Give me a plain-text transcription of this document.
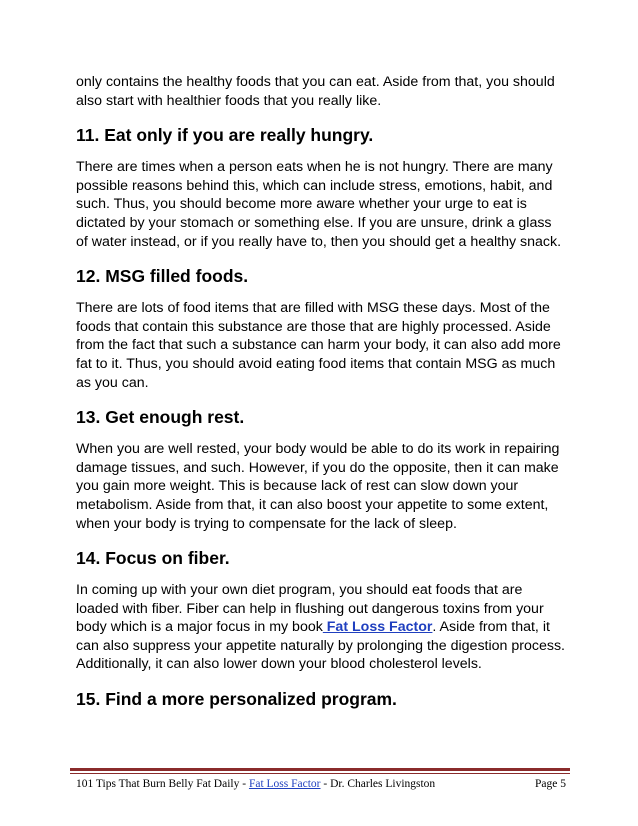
only contains the healthy foods that you can eat. Aside from that, you should also start with healthier foods that you really like.

11. Eat only if you are really hungry.

There are times when a person eats when he is not hungry. There are many possible reasons behind this, which can include stress, emotions, habit, and such. Thus, you should become more aware whether your urge to eat is dictated by your stomach or something else. If you are unsure, drink a glass of water instead, or if you really have to, then you should get a healthy snack.

12. MSG filled foods.

There are lots of food items that are filled with MSG these days. Most of the foods that contain this substance are those that are highly processed. Aside from the fact that such a substance can harm your body, it can also add more fat to it. Thus, you should avoid eating food items that contain MSG as much as you can.

13. Get enough rest.

When you are well rested, your body would be able to do its work in repairing damage tissues, and such. However, if you do the opposite, then it can make you gain more weight. This is because lack of rest can slow down your metabolism. Aside from that, it can also boost your appetite to some extent, when your body is trying to compensate for the lack of sleep.

14. Focus on fiber.

In coming up with your own diet program, you should eat foods that are loaded with fiber. Fiber can help in flushing out dangerous toxins from your body which is a major focus in my book Fat Loss Factor. Aside from that, it can also suppress your appetite naturally by prolonging the digestion process. Additionally, it can also lower down your blood cholesterol levels.

15. Find a more personalized program.
101 Tips That Burn Belly Fat Daily - Fat Loss Factor - Dr. Charles Livingston	Page 5
